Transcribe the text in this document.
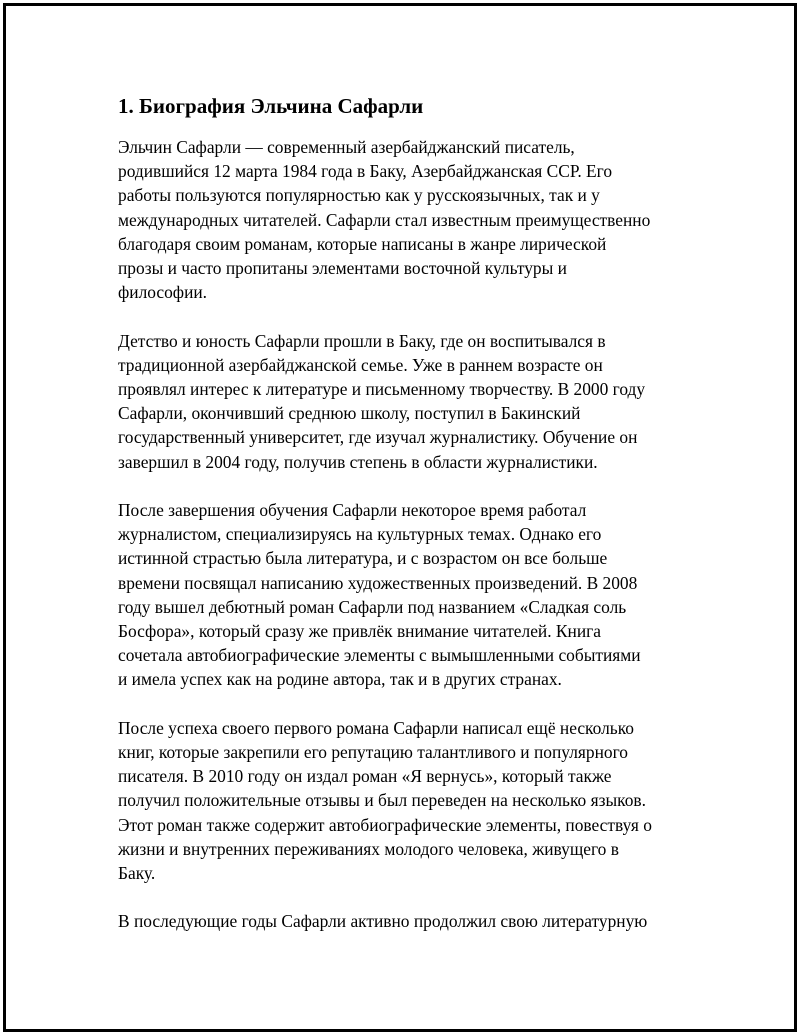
1. Биография Эльчина Сафарли

Эльчин Сафарли — современный азербайджанский писатель,
родившийся 12 марта 1984 года в Баку, Азербайджанская ССР. Его
работы пользуются популярностью как у русскоязычных, так и у
международных читателей. Сафарли стал известным преимущественно
благодаря своим романам, которые написаны в жанре лирической
прозы и часто пропитаны элементами восточной культуры и
философии.

Детство и юность Сафарли прошли в Баку, где он воспитывался в
традиционной азербайджанской семье. Уже в раннем возрасте он
проявлял интерес к литературе и письменному творчеству. В 2000 году
Сафарли, окончивший среднюю школу, поступил в Бакинский
государственный университет, где изучал журналистику. Обучение он
завершил в 2004 году, получив степень в области журналистики.

После завершения обучения Сафарли некоторое время работал
журналистом, специализируясь на культурных темах. Однако его
истинной страстью была литература, и с возрастом он все больше
времени посвящал написанию художественных произведений. В 2008
году вышел дебютный роман Сафарли под названием «Сладкая соль
Босфора», который сразу же привлёк внимание читателей. Книга
сочетала автобиографические элементы с вымышленными событиями
и имела успех как на родине автора, так и в других странах.

После успеха своего первого романа Сафарли написал ещё несколько
книг, которые закрепили его репутацию талантливого и популярного
писателя. В 2010 году он издал роман «Я вернусь», который также
получил положительные отзывы и был переведен на несколько языков.
Этот роман также содержит автобиографические элементы, повествуя о
жизни и внутренних переживаниях молодого человека, живущего в
Баку.

В последующие годы Сафарли активно продолжил свою литературную
